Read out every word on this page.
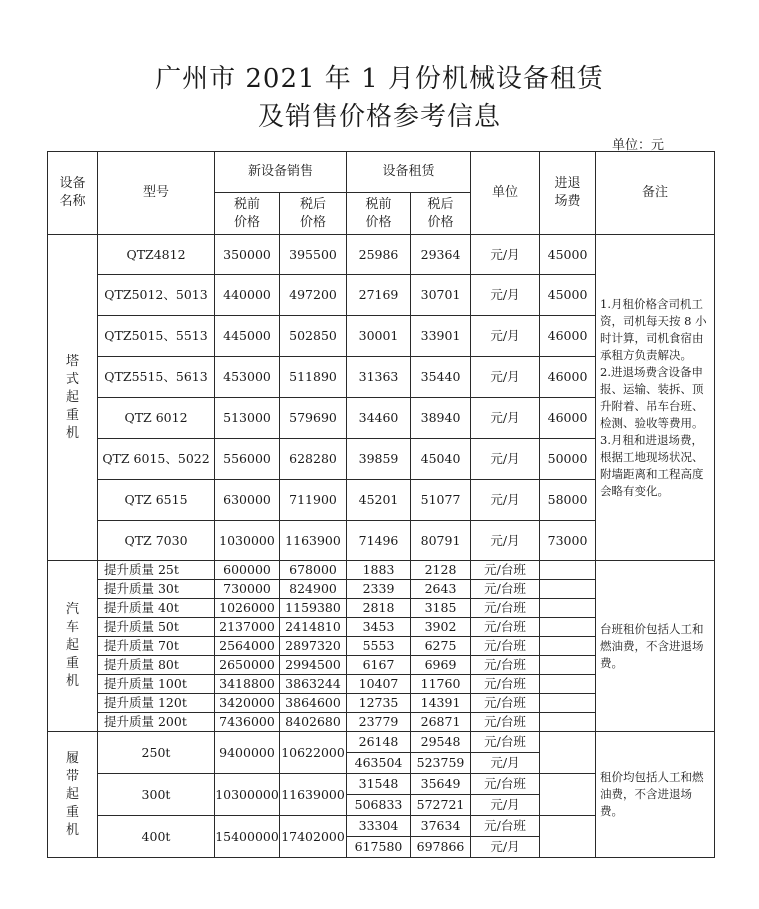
广州市 2021 年 1 月份机械设备租赁
及销售价格参考信息
单位：元
设备名称	型号	新设备销售		设备租赁		单位	进退场费	备注

		税前价格	税后价格	税前价格	税后价格			

塔式起重机	QTZ4812	350000	395500	25986	29364	元/月	45000	1.月租价格含司机工资，司机每天按 8 小时计算，司机食宿由承租方负责解决。
2.进退场费含设备申报、运输、装拆、顶升附着、吊车台班、检测、验收等费用。
3.月租和进退场费，根据工地现场状况、附墙距离和工程高度会略有变化。

	QTZ5012、5013	440000	497200	27169	30701	元/月	45000	
	QTZ5015、5513	445000	502850	30001	33901	元/月	46000	
	QTZ5515、5613	453000	511890	31363	35440	元/月	46000	
	QTZ 6012	513000	579690	34460	38940	元/月	46000	
	QTZ 6015、5022	556000	628280	39859	45040	元/月	50000	
	QTZ 6515	630000	711900	45201	51077	元/月	58000	
	QTZ 7030	1030000	1163900	71496	80791	元/月	73000	

汽车起重机	提升质量 25t	600000	678000	1883	2128	元/台班		台班租价包括人工和燃油费，不含进退场费。

	提升质量 30t	730000	824900	2339	2643	元/台班		
	提升质量 40t	1026000	1159380	2818	3185	元/台班		
	提升质量 50t	2137000	2414810	3453	3902	元/台班		
	提升质量 70t	2564000	2897320	5553	6275	元/台班		
	提升质量 80t	2650000	2994500	6167	6969	元/台班		
	提升质量 100t	3418800	3863244	10407	11760	元/台班		
	提升质量 120t	3420000	3864600	12735	14391	元/台班		
	提升质量 200t	7436000	8402680	23779	26871	元/台班		

履带起重机	250t	9400000	10622000	26148	29548	元/台班		租价均包括人工和燃油费，不含进退场费。

				463504	523759	元/月		
	300t	10300000	11639000	31548	35649	元/台班		
				506833	572721	元/月		
	400t	15400000	17402000	33304	37634	元/台班		
				617580	697866	元/月		
